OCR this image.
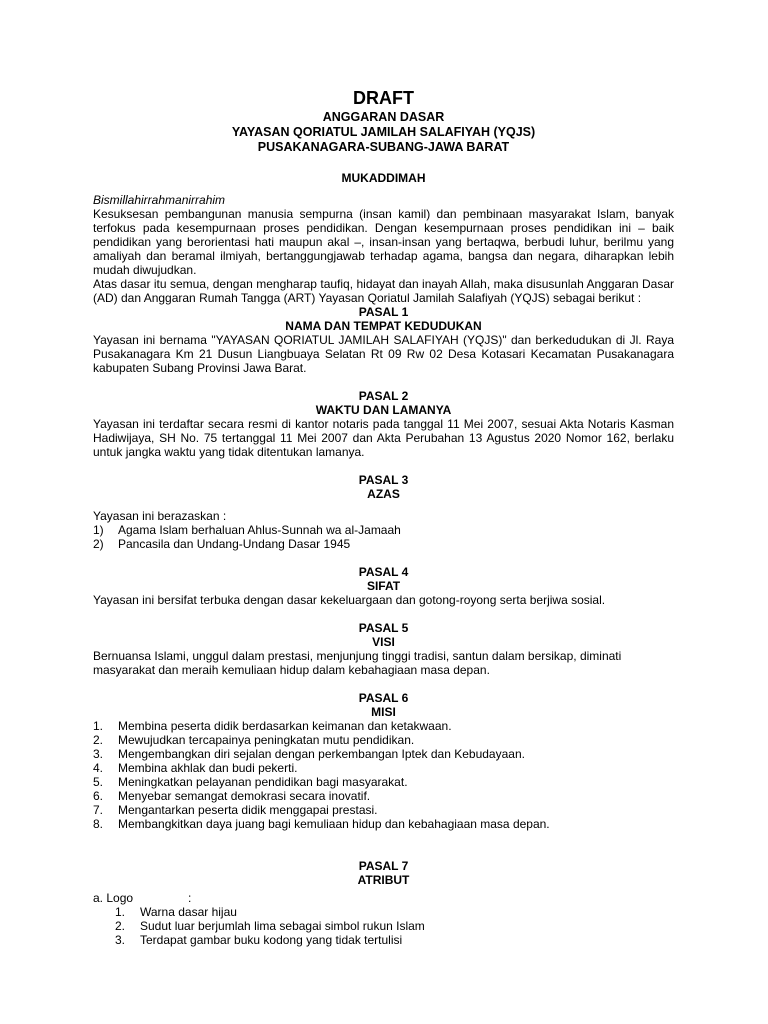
DRAFT
ANGGARAN DASAR
YAYASAN QORIATUL JAMILAH SALAFIYAH (YQJS)
PUSAKANAGARA-SUBANG-JAWA BARAT
MUKADDIMAH

Bismillahirrahmanirrahim

Kesuksesan pembangunan manusia sempurna (insan kamil) dan pembinaan masyarakat Islam, banyak terfokus pada kesempurnaan proses pendidikan. Dengan kesempurnaan proses pendidikan ini – baik pendidikan yang berorientasi hati maupun akal –, insan-insan yang bertaqwa, berbudi luhur, berilmu yang amaliyah dan beramal ilmiyah, bertanggungjawab terhadap agama, bangsa dan negara, diharapkan lebih mudah diwujudkan.

Atas dasar itu semua, dengan mengharap taufiq, hidayat dan inayah Allah, maka disusunlah Anggaran Dasar (AD) dan Anggaran Rumah Tangga (ART) Yayasan Qoriatul Jamilah Salafiyah (YQJS) sebagai berikut :

PASAL 1
NAMA DAN TEMPAT KEDUDUKAN

Yayasan ini bernama "YAYASAN QORIATUL JAMILAH SALAFIYAH (YQJS)" dan berkedudukan di Jl. Raya Pusakanagara Km 21 Dusun Liangbuaya Selatan Rt 09 Rw 02 Desa Kotasari Kecamatan Pusakanagara kabupaten Subang Provinsi Jawa Barat.

PASAL 2
WAKTU DAN LAMANYA

Yayasan ini terdaftar secara resmi di kantor notaris pada tanggal 11 Mei 2007, sesuai Akta Notaris Kasman Hadiwijaya, SH No. 75 tertanggal 11 Mei 2007 dan Akta Perubahan 13 Agustus 2020 Nomor 162, berlaku untuk jangka waktu yang tidak ditentukan lamanya.

PASAL 3
AZAS

Yayasan ini berazaskan :

1) Agama Islam berhaluan Ahlus-Sunnah wa al-Jamaah
2) Pancasila dan Undang-Undang Dasar 1945
PASAL 4
SIFAT

Yayasan ini bersifat terbuka dengan dasar kekeluargaan dan gotong-royong serta berjiwa sosial.

PASAL 5
VISI

Bernuansa Islami, unggul dalam prestasi, menjunjung tinggi tradisi, santun dalam bersikap, diminati masyarakat dan meraih kemuliaan hidup dalam kebahagiaan masa depan.

PASAL 6
MISI
1. Membina peserta didik berdasarkan keimanan dan ketakwaan.
2. Mewujudkan tercapainya peningkatan mutu pendidikan.
3. Mengembangkan diri sejalan dengan perkembangan Iptek dan Kebudayaan.
4. Membina akhlak dan budi pekerti.
5. Meningkatkan pelayanan pendidikan bagi masyarakat.
6. Menyebar semangat demokrasi secara inovatif.
7. Mengantarkan peserta didik menggapai prestasi.
8. Membangkitkan daya juang bagi kemuliaan hidup dan kebahagiaan masa depan.
PASAL 7
ATRIBUT
a. Logo	:
1. Warna dasar hijau
2. Sudut luar berjumlah lima sebagai simbol rukun Islam
3. Terdapat gambar buku kodong yang tidak tertulisi
